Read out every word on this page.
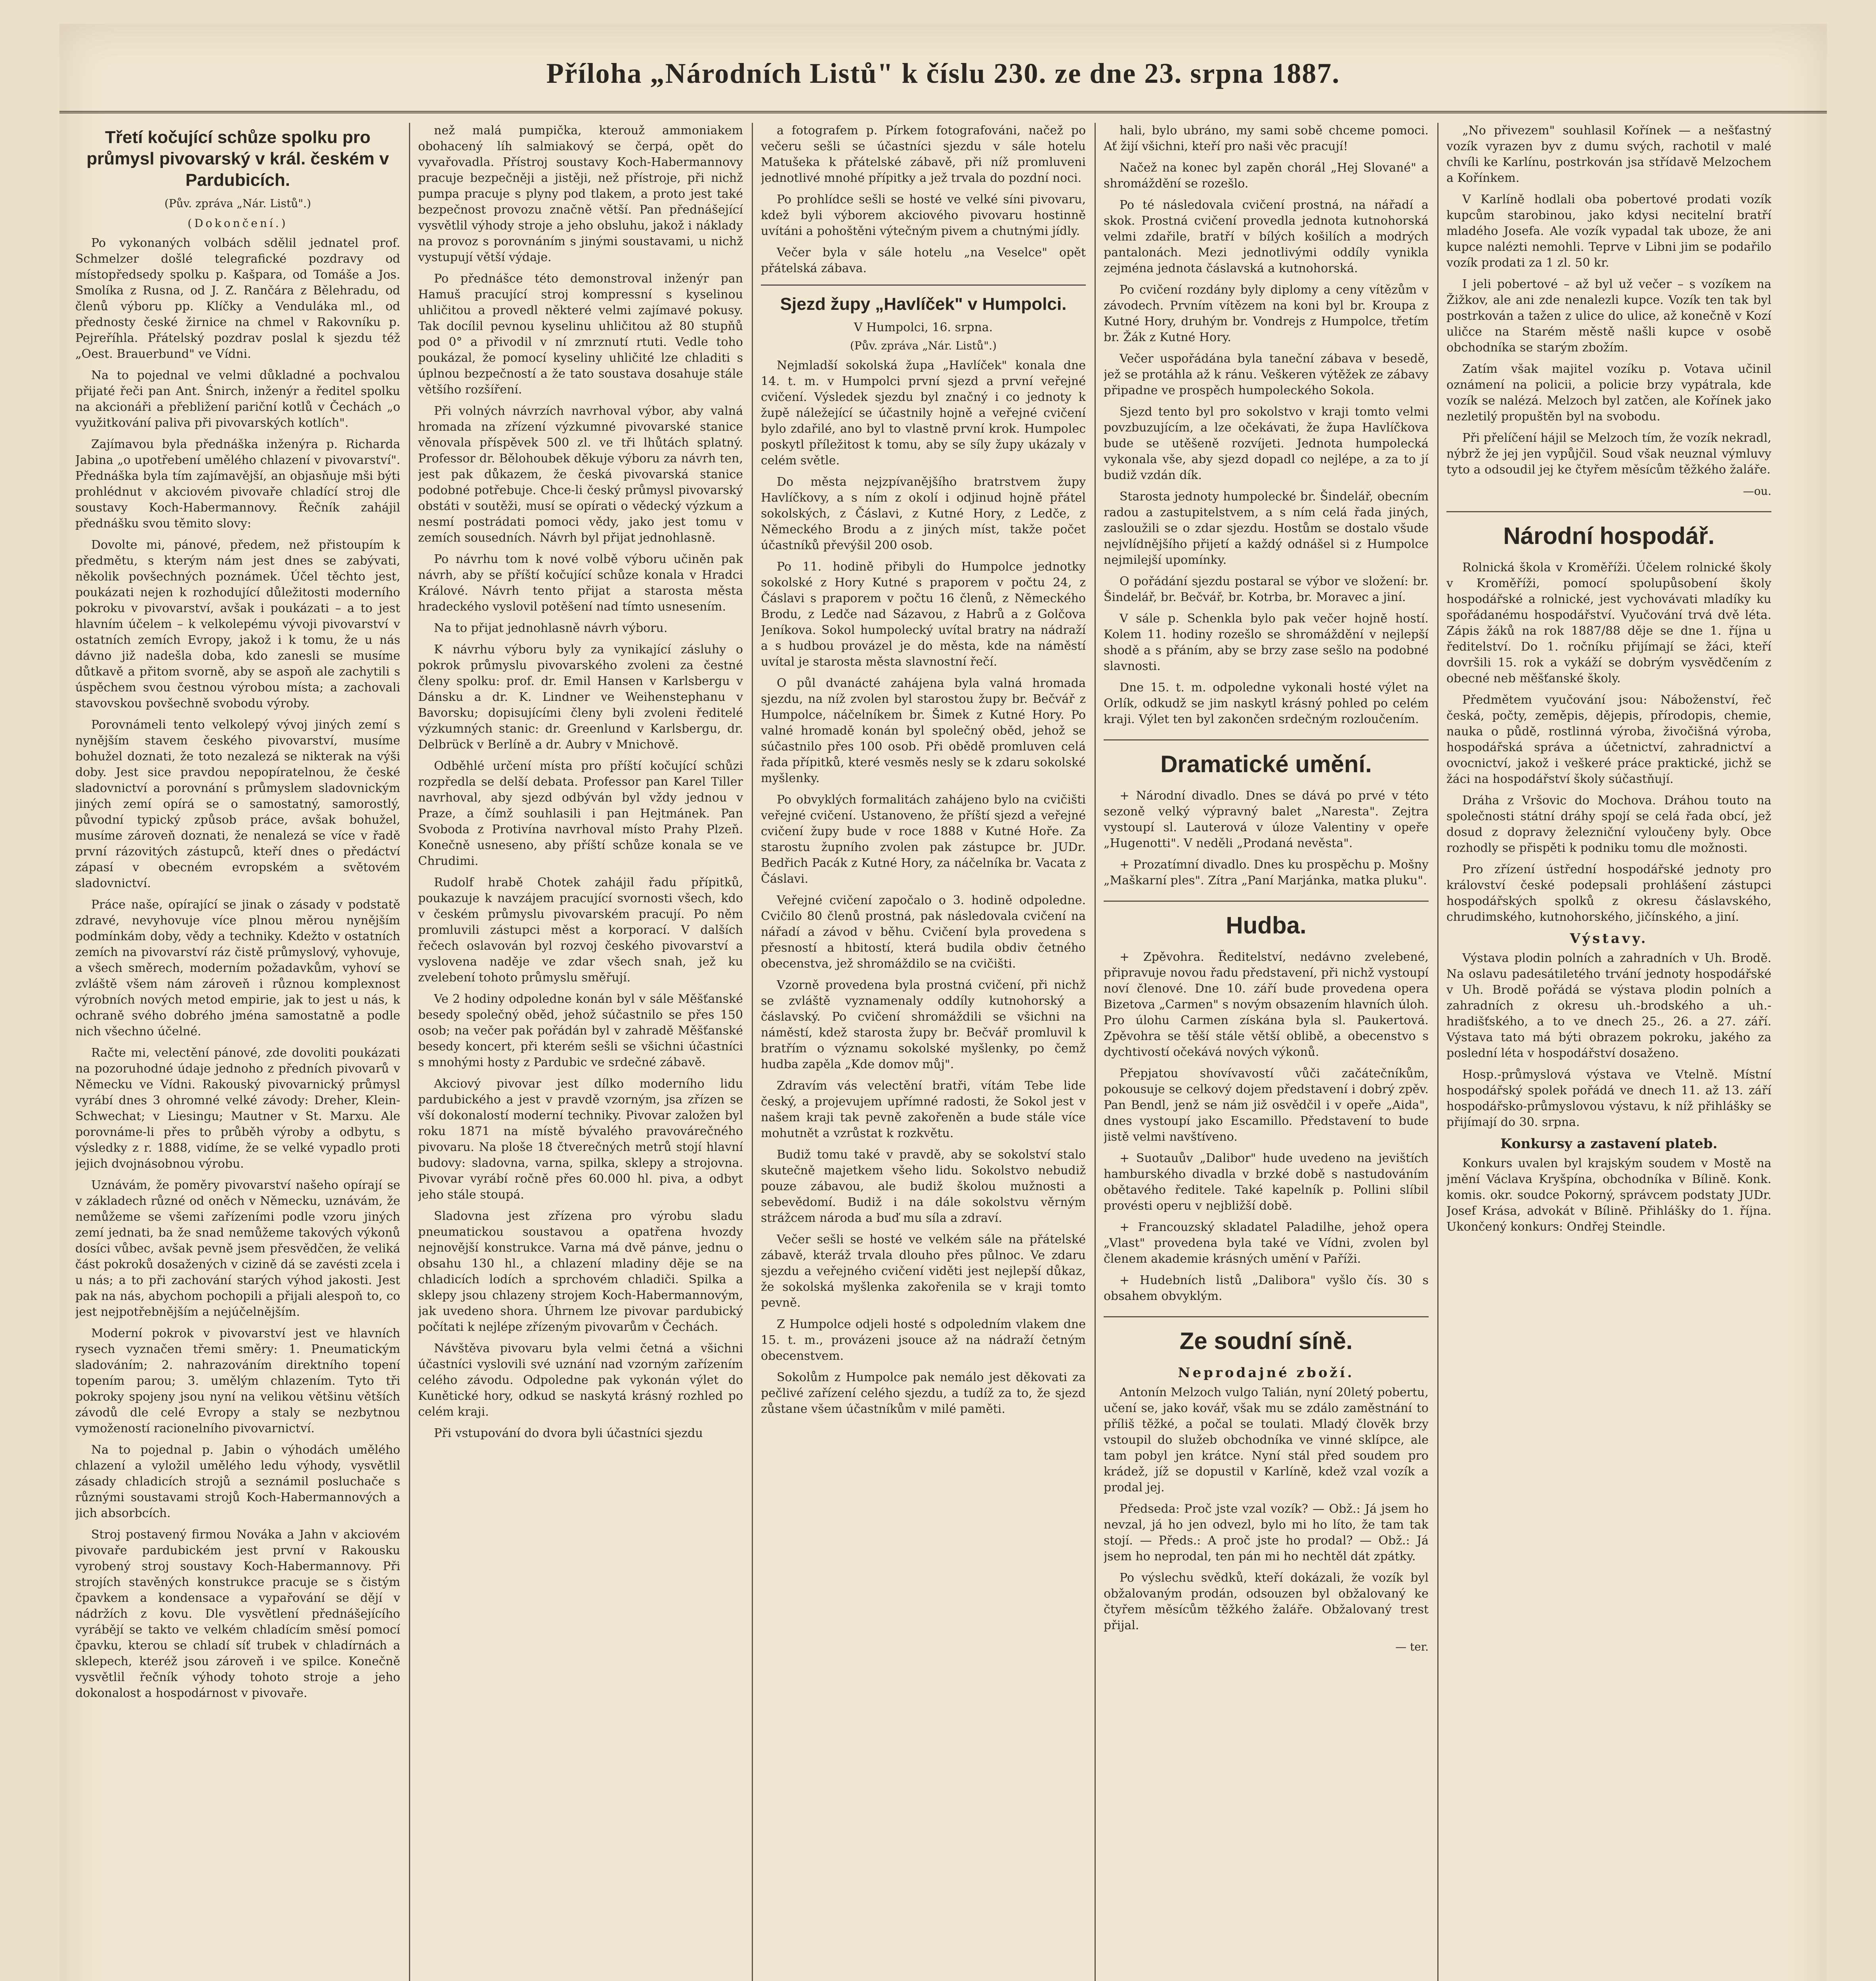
Příloha „Národních Listů" k číslu 230. ze dne 23. srpna 1887.
Třetí kočující schůze spolku pro průmysl pivovarský v král. českém v Pardubicích.
(Pův. zpráva „Nár. Listů".)
(Dokončení.)

Po vykonaných volbách sdělil jednatel prof. Schmelzer došlé telegrafické pozdravy od místopředsedy spolku p. Kašpara, od Tomáše a Jos. Smolíka z Rusna, od J. Z. Rančára z Bělehradu, od členů výboru pp. Klíčky a Venduláka ml., od přednosty české žirnice na chmel v Rakovníku p. Pejreříhla. Přátelský pozdrav poslal k sjezdu též „Oest. Brauerbund" ve Vídni.

Na to pojednal ve velmi důkladné a pochvalou přijaté řeči pan Ant. Śnirch, inženýr a ředitel spolku na akcionáři a přebližení pariční kotlů v Čechách „o využitkování paliva při pivovarských kotlích".

Zajímavou byla přednáška inženýra p. Richarda Jabina „o upotřebení umělého chlazení v pivovarství". Přednáška byla tím zajímavější, an objasňuje mši býti prohlédnut v akciovém pivovaře chladící stroj dle soustavy Koch-Habermannovy. Řečník zahájil přednášku svou těmito slovy:

Dovolte mi, pánové, předem, než přistoupím k předmětu, s kterým nám jest dnes se zabývati, několik povšechných poznámek. Účel těchto jest, poukázati nejen k rozhodující důležitosti moderního pokroku v pivovarství, avšak i poukázati – a to jest hlavním účelem – k velkolepému vývoji pivovarství v ostatních zemích Evropy, jakož i k tomu, že u nás dávno již nadešla doba, kdo zanesli se musíme důtkavě a přitom svorně, aby se aspoň ale zachytili s úspěchem svou čestnou výrobou místa; a zachovali stavovskou povšechně svobodu výroby.

Porovnámeli tento velkolepý vývoj jiných zemí s nynějším stavem českého pivovarství, musíme bohužel doznati, že toto nezalezá se nikterak na výši doby. Jest sice pravdou nepopíratelnou, že české sladovnictví a porovnání s průmyslem sladovnickým jiných zemí opírá se o samostatný, samorostlý, původní typický způsob práce, avšak bohužel, musíme zároveň doznati, že nenalezá se více v řadě první rázovitých zástupců, kteří dnes o předáctví zápasí v obecném evropském a světovém sladovnictví.

Práce naše, opírající se jinak o zásady v podstatě zdravé, nevyhovuje více plnou měrou nynějším podmínkám doby, vědy a techniky. Kdežto v ostatních zemích na pivovarství ráz čistě průmyslový, vyhovuje, a všech směrech, moderním požadavkům, vyhoví se zvláště všem nám zároveň i různou komplexnost výrobních nových metod empirie, jak to jest u nás, k ochraně svého dobrého jména samostatně a podle nich všechno účelné.

Račte mi, velectění pánové, zde dovoliti poukázati na pozoruhodné údaje jednoho z předních pivovarů v Německu ve Vídni. Rakouský pivovarnický průmysl vyrábí dnes 3 ohromné velké závody: Dreher, Klein-Schwechat; v Liesingu; Mautner v St. Marxu. Ale porovnáme-li přes to průběh výroby a odbytu, s výsledky z r. 1888, vidíme, že se velké vypadlo proti jejich dvojnásobnou výrobu.

Uznávám, že poměry pivovarství našeho opírají se v základech různé od oněch v Německu, uznávám, že nemůžeme se všemi zařízeními podle vzoru jiných zemí jednati, ba že snad nemůžeme takových výkonů dosíci vůbec, avšak pevně jsem přesvědčen, že veliká část pokroků dosažených v cizině dá se zavésti zcela i u nás; a to při zachování starých výhod jakosti. Jest pak na nás, abychom pochopili a přijali alespoň to, co jest nejpotřebnějším a nejúčelnějším.

Moderní pokrok v pivovarství jest ve hlavních rysech vyznačen třemi směry: 1. Pneumatickým sladováním; 2. nahrazováním direktního topení topením parou; 3. umělým chlazením. Tyto tři pokroky spojeny jsou nyní na velikou většinu větších závodů dle celé Evropy a staly se nezbytnou vymožeností racionelního pivovarnictví.

Na to pojednal p. Jabin o výhodách umělého chlazení a vyložil umělého ledu výhody, vysvětlil zásady chladicích strojů a seznámil posluchače s různými soustavami strojů Koch-Habermannových a jich absorbcích.

Stroj postavený firmou Nováka a Jahn v akciovém pivovaře pardubickém jest první v Rakousku vyrobený stroj soustavy Koch-Habermannovy. Při strojích stavěných konstrukce pracuje se s čistým čpavkem a kondensace a vypařování se dějí v nádržích z kovu. Dle vysvětlení přednášejícího vyrábějí se takto ve velkém chladícím směsí pomocí čpavku, kterou se chladí síť trubek v chladírnách a sklepech, kteréž jsou zároveň i ve spilce. Konečně vysvětlil řečník výhody tohoto stroje a jeho dokonalost a hospodárnost v pivovaře.

než malá pumpička, kterouž ammoniakem obohacený líh salmiakový se čerpá, opět do vyvařovadla. Přístroj soustavy Koch-Habermannovy pracuje bezpečněji a jistěji, než přístroje, při nichž pumpa pracuje s plyny pod tlakem, a proto jest také bezpečnost provozu značně větší. Pan přednášející vysvětlil výhody stroje a jeho obsluhu, jakož i náklady na provoz s porovnáním s jinými soustavami, u nichž vystupují větší výdaje.

Po přednášce této demonstroval inženýr pan Hamuš pracující stroj kompressní s kyselinou uhličitou a provedl některé velmi zajímavé pokusy. Tak docílil pevnou kyselinu uhličitou až 80 stupňů pod 0° a přivodil v ní zmrznutí rtuti. Vedle toho poukázal, že pomocí kyseliny uhličité lze chladiti s úplnou bezpečností a že tato soustava dosahuje stále většího rozšíření.

Při volných návrzích navrhoval výbor, aby valná hromada na zřízení výzkumné pivovarské stanice věnovala příspěvek 500 zl. ve tři lhůtách splatný. Professor dr. Bělohoubek děkuje výboru za návrh ten, jest pak důkazem, že česká pivovarská stanice podobné potřebuje. Chce-li český průmysl pivovarský obstáti v soutěži, musí se opírati o vědecký výzkum a nesmí postrádati pomoci vědy, jako jest tomu v zemích sousedních. Návrh byl přijat jednohlasně.

Po návrhu tom k nové volbě výboru učiněn pak návrh, aby se příští kočující schůze konala v Hradci Králové. Návrh tento přijat a starosta města hradeckého vyslovil potěšení nad tímto usnesením.

Na to přijat jednohlasně návrh výboru.

K návrhu výboru byly za vynikající zásluhy o pokrok průmyslu pivovarského zvoleni za čestné členy spolku: prof. dr. Emil Hansen v Karlsbergu v Dánsku a dr. K. Lindner ve Weihenstephanu v Bavorsku; dopisujícími členy byli zvoleni ředitelé výzkumných stanic: dr. Greenlund v Karlsbergu, dr. Delbrück v Berlíně a dr. Aubry v Mnichově.

Odběhlé určení místa pro příští kočující schůzi rozpředla se delší debata. Professor pan Karel Tiller navrhoval, aby sjezd odbýván byl vždy jednou v Praze, a čímž souhlasili i pan Hejtmánek. Pan Svoboda z Protivína navrhoval místo Prahy Plzeň. Konečně usneseno, aby příští schůze konala se ve Chrudimi.

Rudolf hrabě Chotek zahájil řadu přípitků, poukazuje k navzájem pracující svornosti všech, kdo v českém průmyslu pivovarském pracují. Po něm promluvili zástupci měst a korporací. V dalších řečech oslavován byl rozvoj českého pivovarství a vyslovena naděje ve zdar všech snah, jež ku zvelebení tohoto průmyslu směřují.

Ve 2 hodiny odpoledne konán byl v sále Měšťanské besedy společný oběd, jehož súčastnilo se přes 150 osob; na večer pak pořádán byl v zahradě Měšťanské besedy koncert, při kterém sešli se všichni účastníci s mnohými hosty z Pardubic ve srdečné zábavě.

Akciový pivovar jest dílko moderního lidu pardubického a jest v pravdě vzorným, jsa zřízen se vší dokonalostí moderní techniky. Pivovar založen byl roku 1871 na místě bývalého pravovárečného pivovaru. Na ploše 18 čtverečných metrů stojí hlavní budovy: sladovna, varna, spilka, sklepy a strojovna. Pivovar vyrábí ročně přes 60.000 hl. piva, a odbyt jeho stále stoupá.

Sladovna jest zřízena pro výrobu sladu pneumatickou soustavou a opatřena hvozdy nejnovější konstrukce. Varna má dvě pánve, jednu o obsahu 130 hl., a chlazení mladiny děje se na chladicích lodích a sprchovém chladiči. Spilka a sklepy jsou chlazeny strojem Koch-Habermannovým, jak uvedeno shora. Úhrnem lze pivovar pardubický počítati k nejlépe zřízeným pivovarům v Čechách.

Návštěva pivovaru byla velmi četná a všichni účastníci vyslovili své uznání nad vzorným zařízením celého závodu. Odpoledne pak vykonán výlet do Kunětické hory, odkud se naskytá krásný rozhled po celém kraji.

Při vstupování do dvora byli účastníci sjezdu

a fotografem p. Pírkem fotografováni, načež po večeru sešli se účastníci sjezdu v sále hotelu Matušeka k přátelské zábavě, při níž promluveni jednotlivé mnohé přípitky a jež trvala do pozdní noci.

Po prohlídce sešli se hosté ve velké síni pivovaru, kdež byli výborem akciového pivovaru hostinně uvítáni a pohoštěni výtečným pivem a chutnými jídly.

Večer byla v sále hotelu „na Veselce" opět přátelská zábava.

Sjezd župy „Havlíček" v Humpolci.
V Humpolci, 16. srpna.
(Pův. zpráva „Nár. Listů".)

Nejmladší sokolská župa „Havlíček" konala dne 14. t. m. v Humpolci první sjezd a první veřejné cvičení. Výsledek sjezdu byl značný i co jednoty k župě náležející se účastnily hojně a veřejné cvičení bylo zdařilé, ano byl to vlastně první krok. Humpolec poskytl příležitost k tomu, aby se síly župy ukázaly v celém světle.

Do města nejzpívanějšího bratrstvem župy Havlíčkovy, a s ním z okolí i odjinud hojně přátel sokolských, z Čáslavi, z Kutné Hory, z Ledče, z Německého Brodu a z jiných míst, takže počet účastníků převýšil 200 osob.

Po 11. hodině přibyli do Humpolce jednotky sokolské z Hory Kutné s praporem v počtu 24, z Čáslavi s praporem v počtu 16 členů, z Německého Brodu, z Ledče nad Sázavou, z Habrů a z Golčova Jeníkova. Sokol humpolecký uvítal bratry na nádraží a s hudbou provázel je do města, kde na náměstí uvítal je starosta města slavnostní řečí.

O půl dvanácté zahájena byla valná hromada sjezdu, na níž zvolen byl starostou župy br. Bečvář z Humpolce, náčelníkem br. Šimek z Kutné Hory. Po valné hromadě konán byl společný oběd, jehož se súčastnilo přes 100 osob. Při obědě promluven celá řada přípitků, které vesměs nesly se k zdaru sokolské myšlenky.

Po obvyklých formalitách zahájeno bylo na cvičišti veřejné cvičení. Ustanoveno, že příští sjezd a veřejné cvičení župy bude v roce 1888 v Kutné Hoře. Za starostu župního zvolen pak zástupce br. JUDr. Bedřich Pacák z Kutné Hory, za náčelníka br. Vacata z Čáslavi.

Veřejné cvičení započalo o 3. hodině odpoledne. Cvičilo 80 členů prostná, pak následovala cvičení na nářadí a závod v běhu. Cvičení byla provedena s přesností a hbitostí, která budila obdiv četného obecenstva, jež shromáždilo se na cvičišti.

Vzorně provedena byla prostná cvičení, při nichž se zvláště vyznamenaly oddíly kutnohorský a čáslavský. Po cvičení shromáždili se všichni na náměstí, kdež starosta župy br. Bečvář promluvil k bratřím o významu sokolské myšlenky, po čemž hudba zapěla „Kde domov můj".

Zdravím vás velectění bratři, vítám Tebe lide český, a projevujem upřímné radosti, že Sokol jest v našem kraji tak pevně zakořeněn a bude stále více mohutnět a vzrůstat k rozkvětu.

Budiž tomu také v pravdě, aby se sokolství stalo skutečně majetkem všeho lidu. Sokolstvo nebudiž pouze zábavou, ale budiž školou mužnosti a sebevědomí. Budiž i na dále sokolstvu věrným strážcem národa a buď mu síla a zdraví.

Večer sešli se hosté ve velkém sále na přátelské zábavě, kteráž trvala dlouho přes půlnoc. Ve zdaru sjezdu a veřejného cvičení viděti jest nejlepší důkaz, že sokolská myšlenka zakořenila se v kraji tomto pevně.

Z Humpolce odjeli hosté s odpoledním vlakem dne 15. t. m., provázeni jsouce až na nádraží četným obecenstvem.

Sokolům z Humpolce pak nemálo jest děkovati za pečlivé zařízení celého sjezdu, a tudíž za to, že sjezd zůstane všem účastníkům v milé paměti.

hali, bylo ubráno, my sami sobě chceme pomoci. Ať žijí všichni, kteří pro naši věc pracují!

Načež na konec byl zapěn chorál „Hej Slované" a shromáždění se rozešlo.

Po té následovala cvičení prostná, na nářadí a skok. Prostná cvičení provedla jednota kutnohorská velmi zdařile, bratří v bílých košilích a modrých pantalonách. Mezi jednotlivými oddíly vynikla zejména jednota čáslavská a kutnohorská.

Po cvičení rozdány byly diplomy a ceny vítězům v závodech. Prvním vítězem na koni byl br. Kroupa z Kutné Hory, druhým br. Vondrejs z Humpolce, třetím br. Žák z Kutné Hory.

Večer uspořádána byla taneční zábava v besedě, jež se protáhla až k ránu. Veškeren výtěžek ze zábavy připadne ve prospěch humpoleckého Sokola.

Sjezd tento byl pro sokolstvo v kraji tomto velmi povzbuzujícím, a lze očekávati, že župa Havlíčkova bude se utěšeně rozvíjeti. Jednota humpolecká vykonala vše, aby sjezd dopadl co nejlépe, a za to jí budiž vzdán dík.

Starosta jednoty humpolecké br. Šindelář, obecním radou a zastupitelstvem, a s ním celá řada jiných, zasloužili se o zdar sjezdu. Hostům se dostalo všude nejvlídnějšího přijetí a každý odnášel si z Humpolce nejmilejší upomínky.

O pořádání sjezdu postaral se výbor ve složení: br. Šindelář, br. Bečvář, br. Kotrba, br. Moravec a jiní.

V sále p. Schenkla bylo pak večer hojně hostí. Kolem 11. hodiny rozešlo se shromáždění v nejlepší shodě a s přáním, aby se brzy zase sešlo na podobné slavnosti.

Dne 15. t. m. odpoledne vykonali hosté výlet na Orlík, odkudž se jim naskytl krásný pohled po celém kraji. Výlet ten byl zakončen srdečným rozloučením.

Dramatické umění.

+ Národní divadlo. Dnes se dává po prvé v této sezoně velký výpravný balet „Naresta". Zejtra vystoupí sl. Lauterová v úloze Valentiny v opeře „Hugenotti". V neděli „Prodaná nevěsta".

+ Prozatímní divadlo. Dnes ku prospěchu p. Mošny „Maškarní ples". Zítra „Paní Marjánka, matka pluku".

Hudba.

+ Zpěvohra. Ředitelství, nedávno zvelebené, připravuje novou řadu představení, při nichž vystoupí noví členové. Dne 10. září bude provedena opera Bizetova „Carmen" s novým obsazením hlavních úloh. Pro úlohu Carmen získána byla sl. Paukertová. Zpěvohra se těší stále větší oblibě, a obecenstvo s dychtivostí očekává nových výkonů.

Přepjatou shovívavostí vůči začátečníkům, pokousuje se celkový dojem představení i dobrý zpěv. Pan Bendl, jenž se nám již osvědčil i v opeře „Aida", dnes vystoupí jako Escamillo. Představení to bude jistě velmi navštíveno.

+ Suotauův „Dalibor" hude uvedeno na jevištích hamburského divadla v brzké době s nastudováním obětavého ředitele. Také kapelník p. Pollini slíbil provésti operu v nejbližší době.

+ Francouzský skladatel Paladilhe, jehož opera „Vlast" provedena byla také ve Vídni, zvolen byl členem akademie krásných umění v Paříži.

+ Hudebních listů „Dalibora" vyšlo čís. 30 s obsahem obvyklým.

Ze soudní síně.
Neprodajné zboží.

Antonín Melzoch vulgo Talián, nyní 20letý pobertu, učení se, jako kovář, však mu se zdálo zaměstnání to příliš těžké, a počal se toulati. Mladý člověk brzy vstoupil do služeb obchodníka ve vinné sklípce, ale tam pobyl jen krátce. Nyní stál před soudem pro krádež, jíž se dopustil v Karlíně, kdež vzal vozík a prodal jej.

Předseda: Proč jste vzal vozík? — Obž.: Já jsem ho nevzal, já ho jen odvezl, bylo mi ho líto, že tam tak stojí. — Předs.: A proč jste ho prodal? — Obž.: Já jsem ho neprodal, ten pán mi ho nechtěl dát zpátky.

Po výslechu svědků, kteří dokázali, že vozík byl obžalovaným prodán, odsouzen byl obžalovaný ke čtyřem měsícům těžkého žaláře. Obžalovaný trest přijal.

— ter.

„No přivezem" souhlasil Kořínek — a nešťastný vozík vyrazen byv z dumu svých, rachotil v malé chvíli ke Karlínu, postrkován jsa střídavě Melzochem a Kořínkem.

V Karlíně hodlali oba pobertové prodati vozík kupcům starobinou, jako kdysi necitelní bratří mladého Josefa. Ale vozík vypadal tak uboze, že ani kupce nalézti nemohli. Teprve v Libni jim se podařilo vozík prodati za 1 zl. 50 kr.

I jeli pobertové – až byl už večer – s vozíkem na Žižkov, ale ani zde nenalezli kupce. Vozík ten tak byl postrkován a tažen z ulice do ulice, až konečně v Kozí uličce na Starém městě našli kupce v osobě obchodníka se starým zbožím.

Zatím však majitel vozíku p. Votava učinil oznámení na policii, a policie brzy vypátrala, kde vozík se nalézá. Melzoch byl zatčen, ale Kořínek jako nezletilý propuštěn byl na svobodu.

Při přelíčení hájil se Melzoch tím, že vozík nekradl, nýbrž že jej jen vypůjčil. Soud však neuznal výmluvy tyto a odsoudil jej ke čtyřem měsícům těžkého žaláře.

—ou.
Národní hospodář.

Rolnická škola v Kroměříži. Účelem rolnické školy v Kroměříži, pomocí spolupůsobení školy hospodářské a rolnické, jest vychovávati mladíky ku spořádanému hospodářství. Vyučování trvá dvě léta. Zápis žáků na rok 1887/88 děje se dne 1. října u ředitelství. Do 1. ročníku přijímají se žáci, kteří dovršili 15. rok a vykáží se dobrým vysvědčením z obecné neb měšťanské školy.

Předmětem vyučování jsou: Náboženství, řeč česká, počty, zeměpis, dějepis, přírodopis, chemie, nauka o půdě, rostlinná výroba, živočišná výroba, hospodářská správa a účetnictví, zahradnictví a ovocnictví, jakož i veškeré práce praktické, jichž se žáci na hospodářství školy súčastňují.

Dráha z Vršovic do Mochova. Dráhou touto na společnosti státní dráhy spojí se celá řada obcí, jež dosud z dopravy železniční vyloučeny byly. Obce rozhodly se přispěti k podniku tomu dle možnosti.

Pro zřízení ústřední hospodářské jednoty pro království české podepsali prohlášení zástupci hospodářských spolků z okresu čáslavského, chrudimského, kutnohorského, jičínského, a jiní.

Výstavy.

Výstava plodin polních a zahradních v Uh. Brodě. Na oslavu padesátiletého trvání jednoty hospodářské v Uh. Brodě pořádá se výstava plodin polních a zahradních z okresu uh.-brodského a uh.-hradišťského, a to ve dnech 25., 26. a 27. září. Výstava tato má býti obrazem pokroku, jakého za poslední léta v hospodářství dosaženo.

Hosp.-průmyslová výstava ve Vtelně. Místní hospodářský spolek pořádá ve dnech 11. až 13. září hospodářsko-průmyslovou výstavu, k níž přihlášky se přijímají do 30. srpna.

Konkursy a zastavení plateb.

Konkurs uvalen byl krajským soudem v Mostě na jmění Václava Kryšpína, obchodníka v Bílině. Konk. komis. okr. soudce Pokorný, správcem podstaty JUDr. Josef Krása, advokát v Bílině. Přihlášky do 1. října. Ukončený konkurs: Ondřej Steindle.
